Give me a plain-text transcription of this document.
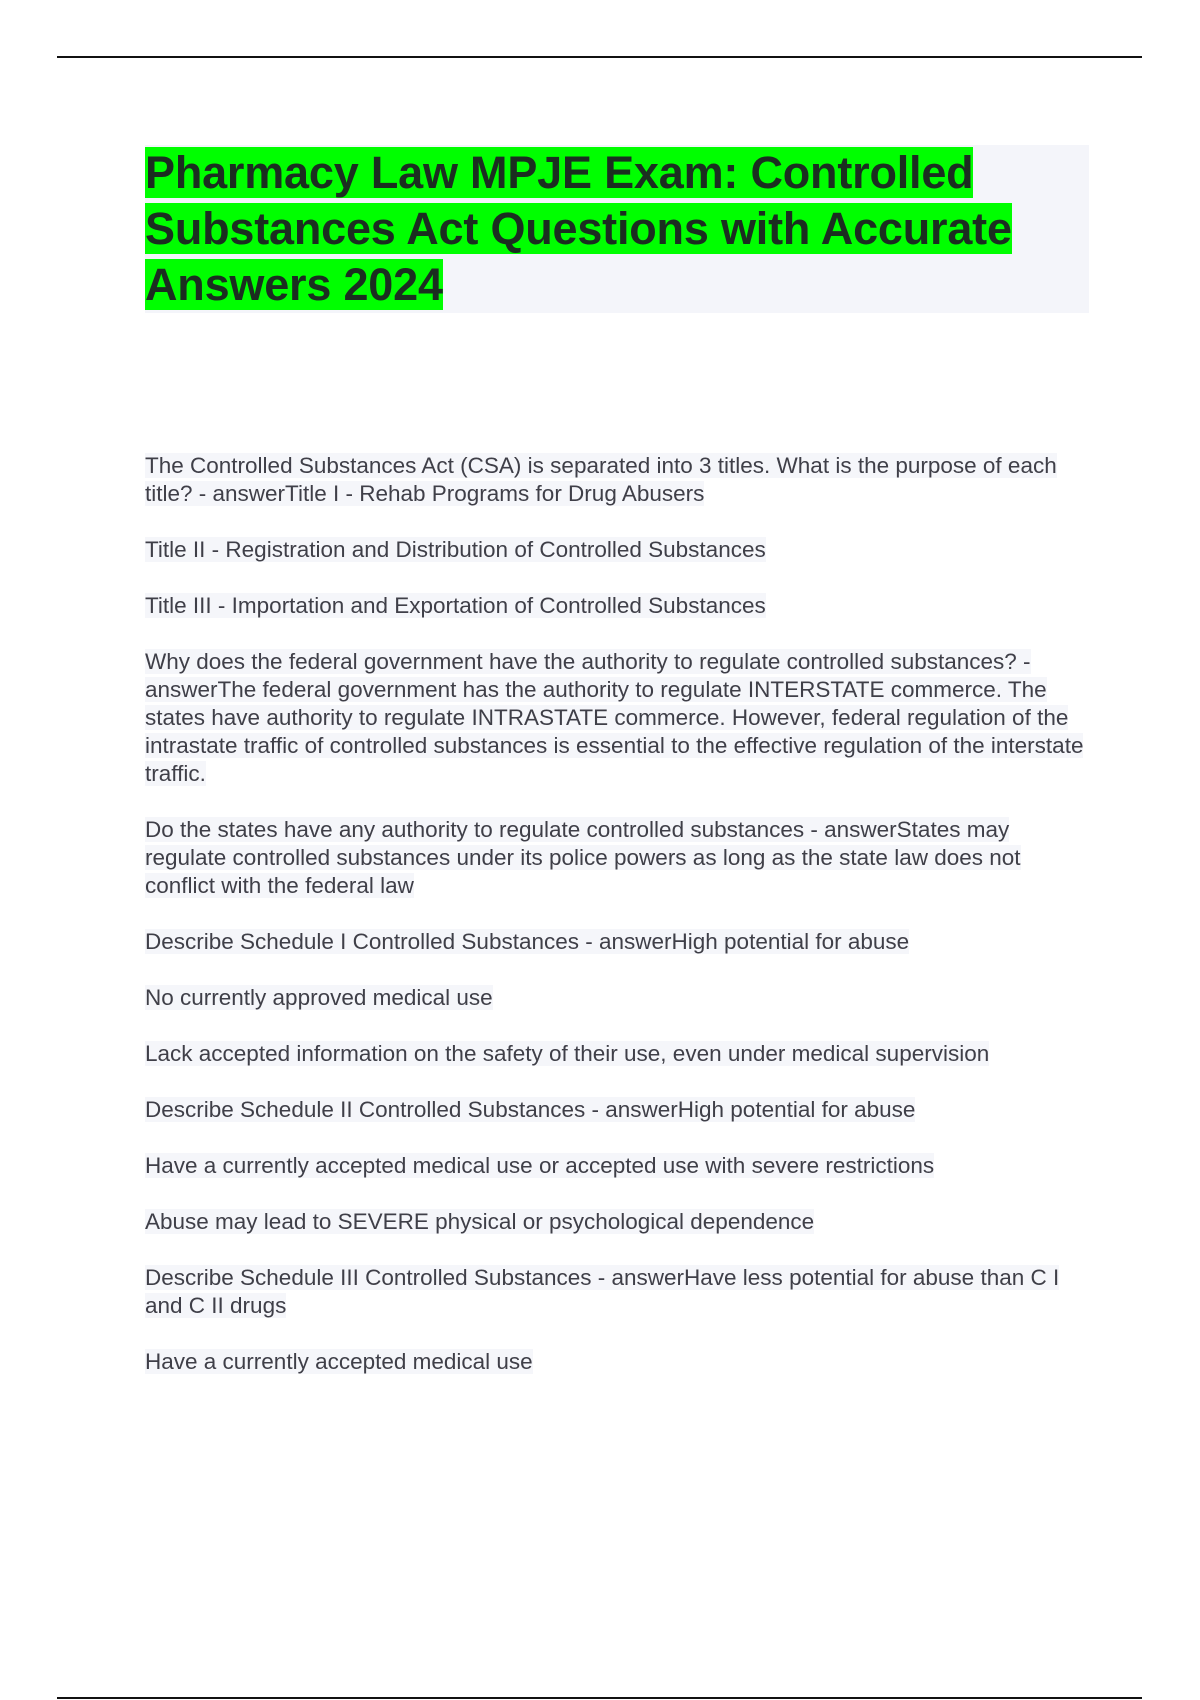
Pharmacy Law MPJE Exam: Controlled Substances Act Questions with Accurate Answers 2024

The Controlled Substances Act (CSA) is separated into 3 titles. What is the purpose of each title? - answerTitle I - Rehab Programs for Drug Abusers

Title II - Registration and Distribution of Controlled Substances

Title III - Importation and Exportation of Controlled Substances

Why does the federal government have the authority to regulate controlled substances? - answerThe federal government has the authority to regulate INTERSTATE commerce. The states have authority to regulate INTRASTATE commerce. However, federal regulation of the intrastate traffic of controlled substances is essential to the effective regulation of the interstate traffic.

Do the states have any authority to regulate controlled substances - answerStates may regulate controlled substances under its police powers as long as the state law does not conflict with the federal law

Describe Schedule I Controlled Substances - answerHigh potential for abuse

No currently approved medical use

Lack accepted information on the safety of their use, even under medical supervision

Describe Schedule II Controlled Substances - answerHigh potential for abuse

Have a currently accepted medical use or accepted use with severe restrictions

Abuse may lead to SEVERE physical or psychological dependence

Describe Schedule III Controlled Substances - answerHave less potential for abuse than C I and C II drugs

Have a currently accepted medical use
